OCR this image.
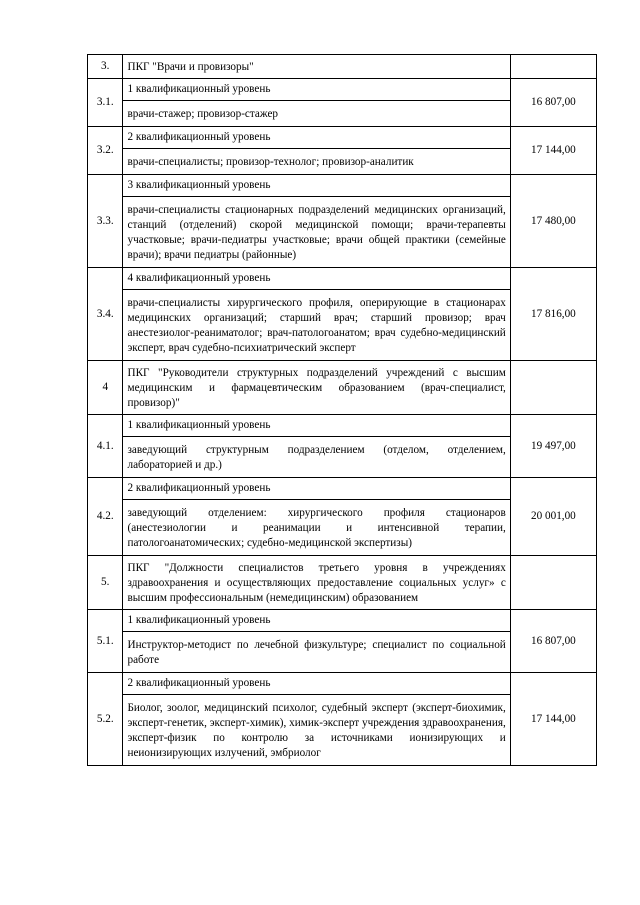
3.	ПКГ "Врачи и провизоры"	
3.1.	1 квалификационный уровень	16 807,00
	врачи-стажер; провизор-стажер	
3.2.	2 квалификационный уровень	17 144,00
	врачи-специалисты; провизор-технолог; провизор-аналитик	
3.3.	3 квалификационный уровень	17 480,00
	врачи-специалисты стационарных подразделений медицинских организаций, станций (отделений) скорой медицинской помощи; врачи-терапевты участковые; врачи-педиатры участковые; врачи общей практики (семейные врачи); врачи педиатры (районные)	
3.4.	4 квалификационный уровень	17 816,00
	врачи-специалисты хирургического профиля, оперирующие в стационарах медицинских организаций; старший врач; старший провизор; врач анестезиолог-реаниматолог; врач-патологоанатом; врач судебно-медицинский эксперт, врач судебно-психиатрический эксперт	
4	ПКГ "Руководители структурных подразделений учреждений с высшим медицинским и фармацевтическим образованием (врач-специалист, провизор)"	
4.1.	1 квалификационный уровень	19 497,00
	заведующий структурным подразделением (отделом, отделением, лабораторией и др.)	
4.2.	2 квалификационный уровень	20 001,00
	заведующий отделением: хирургического профиля стационаров (анестезиологии и реанимации и интенсивной терапии, патологоанатомических; судебно-медицинской экспертизы)	
5.	ПКГ "Должности специалистов третьего уровня в учреждениях здравоохранения и осуществляющих предоставление социальных услуг» с высшим профессиональным (немедицинским) образованием	
5.1.	1 квалификационный уровень	16 807,00
	Инструктор-методист по лечебной физкультуре; специалист по социальной работе	
5.2.	2 квалификационный уровень	17 144,00
	Биолог, зоолог, медицинский психолог, судебный эксперт (эксперт-биохимик, эксперт-генетик, эксперт-химик), химик-эксперт учреждения здравоохранения, эксперт-физик по контролю за источниками ионизирующих и неионизирующих излучений, эмбриолог	
